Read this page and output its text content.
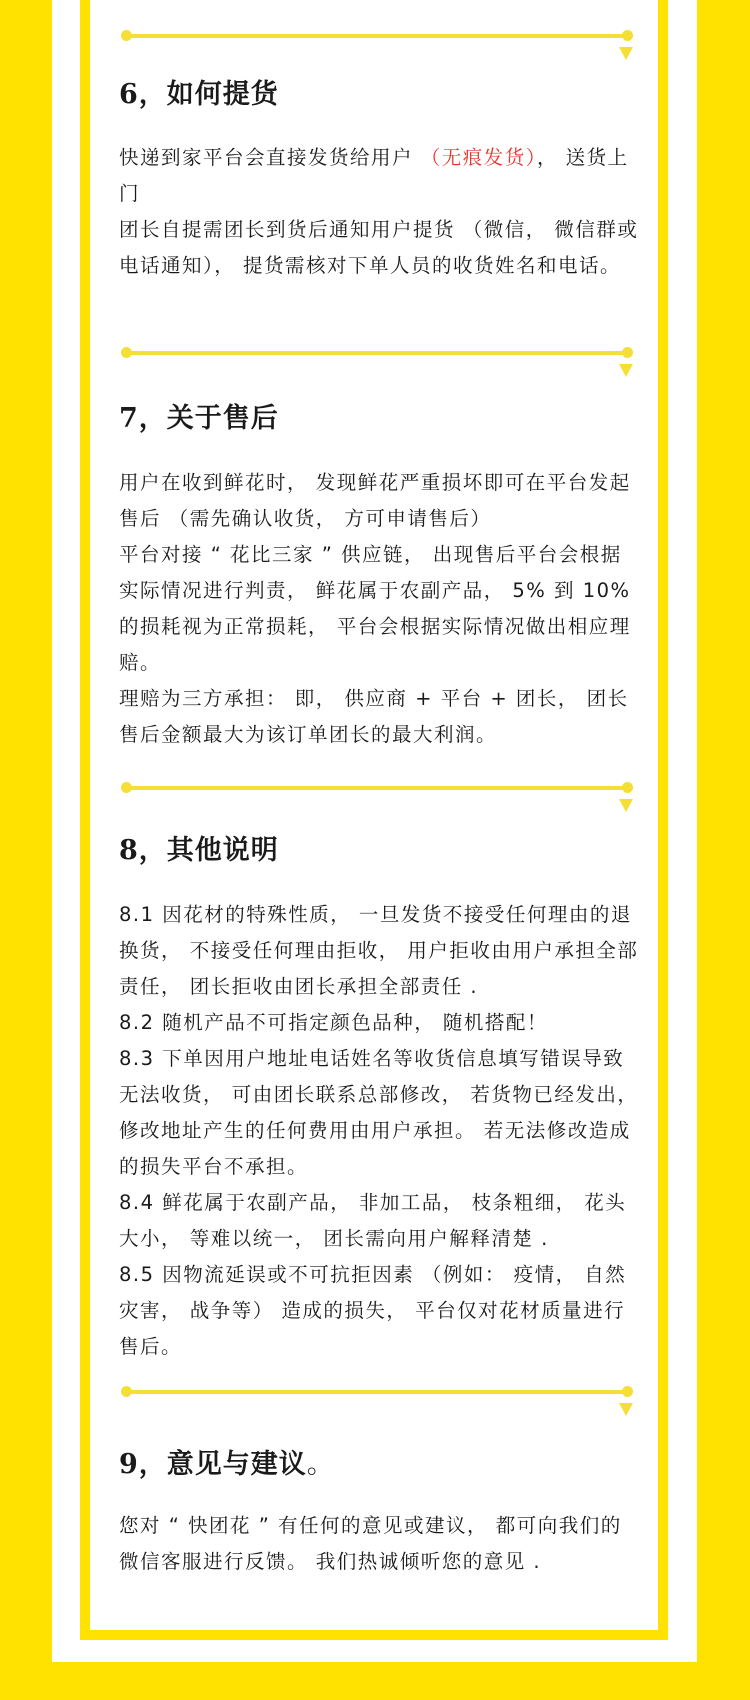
6，如何提货

快递到家平台会直接发货给用户 （无痕发货）， 送货上门

团长自提需团长到货后通知用户提货 （微信， 微信群或电话通知）， 提货需核对下单人员的收货姓名和电话。

7，关于售后

用户在收到鲜花时， 发现鲜花严重损坏即可在平台发起售后 （需先确认收货， 方可申请售后）

平台对接 “ 花比三家 ” 供应链， 出现售后平台会根据实际情况进行判责， 鲜花属于农副产品， 5% 到 10% 的损耗视为正常损耗， 平台会根据实际情况做出相应理赔。

理赔为三方承担： 即， 供应商 + 平台 + 团长， 团长售后金额最大为该订单团长的最大利润。

8，其他说明

8.1 因花材的特殊性质， 一旦发货不接受任何理由的退换货， 不接受任何理由拒收， 用户拒收由用户承担全部责任， 团长拒收由团长承担全部责任 .

8.2 随机产品不可指定颜色品种， 随机搭配！

8.3 下单因用户地址电话姓名等收货信息填写错误导致无法收货， 可由团长联系总部修改， 若货物已经发出， 修改地址产生的任何费用由用户承担。 若无法修改造成的损失平台不承担。

8.4 鲜花属于农副产品， 非加工品， 枝条粗细， 花头大小， 等难以统一， 团长需向用户解释清楚 .

8.5 因物流延误或不可抗拒因素 （例如： 疫情， 自然灾害， 战争等） 造成的损失， 平台仅对花材质量进行售后。

9，意见与建议。

您对 “ 快团花 ” 有任何的意见或建议， 都可向我们的微信客服进行反馈。 我们热诚倾听您的意见 .
